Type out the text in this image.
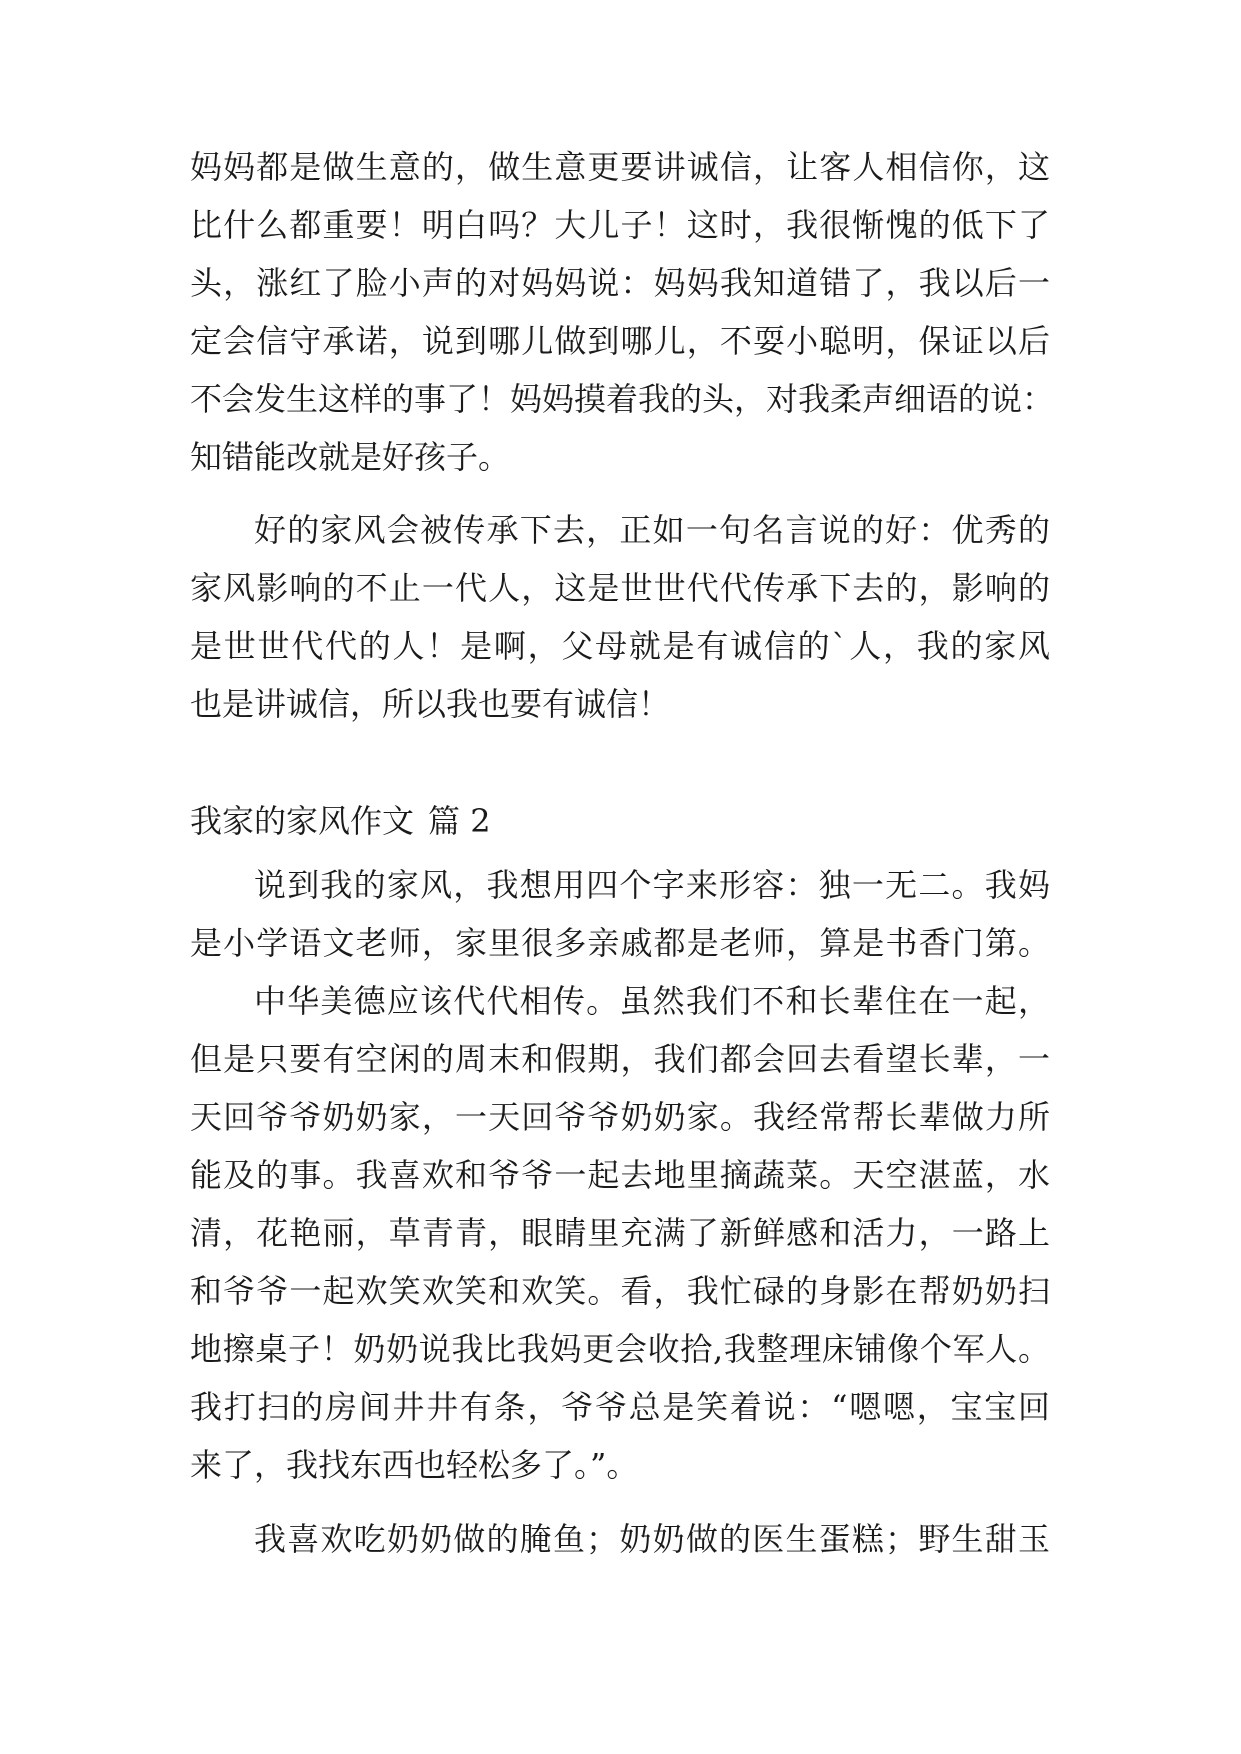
妈妈都是做生意的，做生意更要讲诚信，让客人相信你，这
比什么都重要！明白吗？大儿子！这时，我很惭愧的低下了
头，涨红了脸小声的对妈妈说：妈妈我知道错了，我以后一
定会信守承诺，说到哪儿做到哪儿，不耍小聪明，保证以后
不会发生这样的事了！妈妈摸着我的头，对我柔声细语的说：
知错能改就是好孩子。
好的家风会被传承下去，正如一句名言说的好：优秀的
家风影响的不止一代人，这是世世代代传承下去的，影响的
是世世代代的人！是啊，父母就是有诚信的`人，我的家风
也是讲诚信，所以我也要有诚信！
我家的家风作文 篇 2
说到我的家风，我想用四个字来形容：独一无二。我妈
是小学语文老师，家里很多亲戚都是老师，算是书香门第。
中华美德应该代代相传。虽然我们不和长辈住在一起，
但是只要有空闲的周末和假期，我们都会回去看望长辈，一
天回爷爷奶奶家，一天回爷爷奶奶家。我经常帮长辈做力所
能及的事。我喜欢和爷爷一起去地里摘蔬菜。天空湛蓝，水
清，花艳丽，草青青，眼睛里充满了新鲜感和活力，一路上
和爷爷一起欢笑欢笑和欢笑。看，我忙碌的身影在帮奶奶扫
地擦桌子！奶奶说我比我妈更会收拾,我整理床铺像个军人。
我打扫的房间井井有条，爷爷总是笑着说：“嗯嗯，宝宝回
来了，我找东西也轻松多了。”。
我喜欢吃奶奶做的腌鱼；奶奶做的医生蛋糕；野生甜玉
